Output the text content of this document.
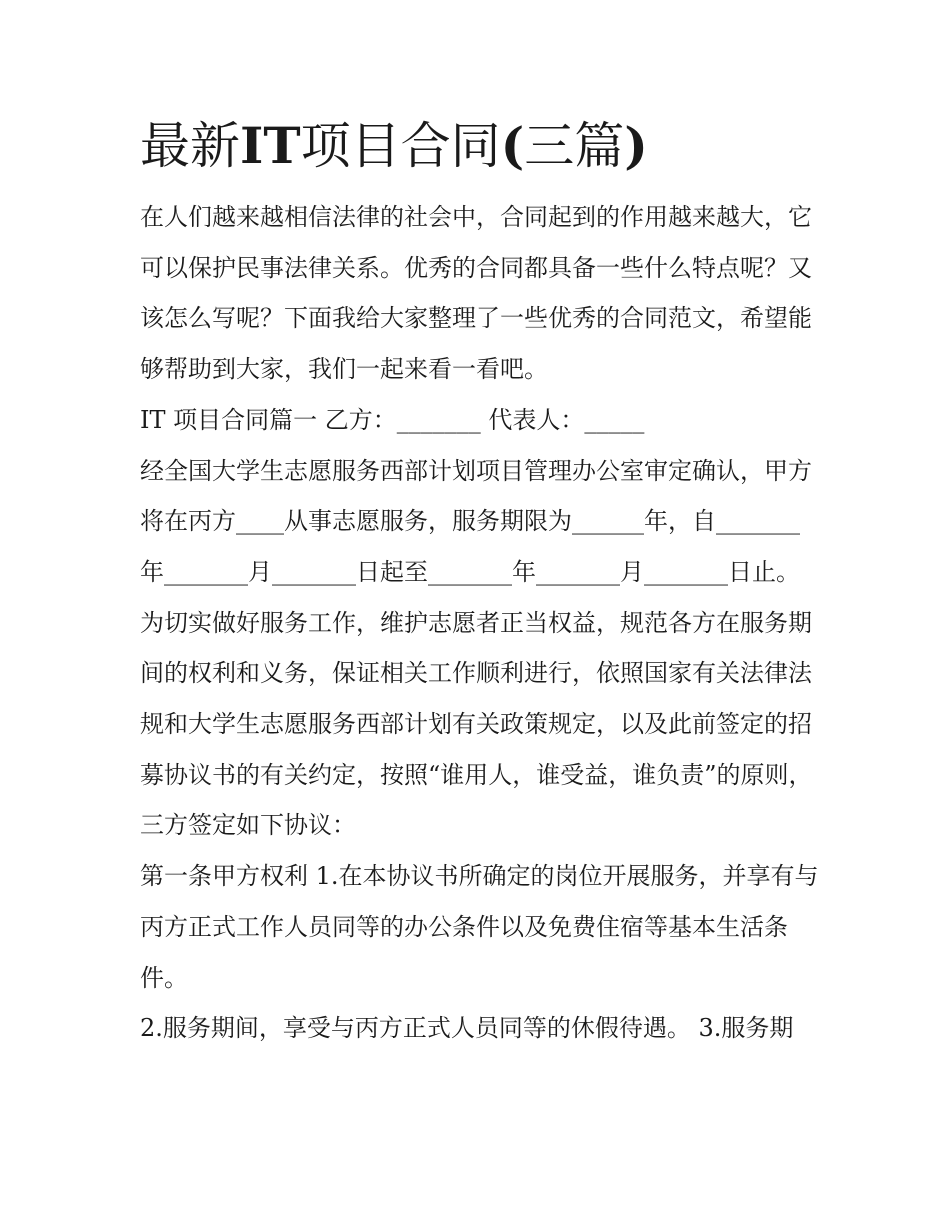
最新IT项目合同(三篇)

在人们越来越相信法律的社会中，合同起到的作用越来越大，它可以保护民事法律关系。优秀的合同都具备一些什么特点呢？又该怎么写呢？下面我给大家整理了一些优秀的合同范文，希望能够帮助到大家，我们一起来看一看吧。

IT 项目合同篇一 乙方：_______ 代表人：_____

经全国大学生志愿服务西部计划项目管理办公室审定确认，甲方将在丙方____从事志愿服务，服务期限为______年，自_______年_______月_______日起至_______年_______月_______日止。

为切实做好服务工作，维护志愿者正当权益，规范各方在服务期间的权利和义务，保证相关工作顺利进行，依照国家有关法律法规和大学生志愿服务西部计划有关政策规定，以及此前签定的招募协议书的有关约定，按照“谁用人，谁受益，谁负责”的原则，三方签定如下协议：

第一条甲方权利 1.在本协议书所确定的岗位开展服务，并享有与丙方正式工作人员同等的办公条件以及免费住宿等基本生活条件。

2.服务期间，享受与丙方正式人员同等的休假待遇。 3.服务期
